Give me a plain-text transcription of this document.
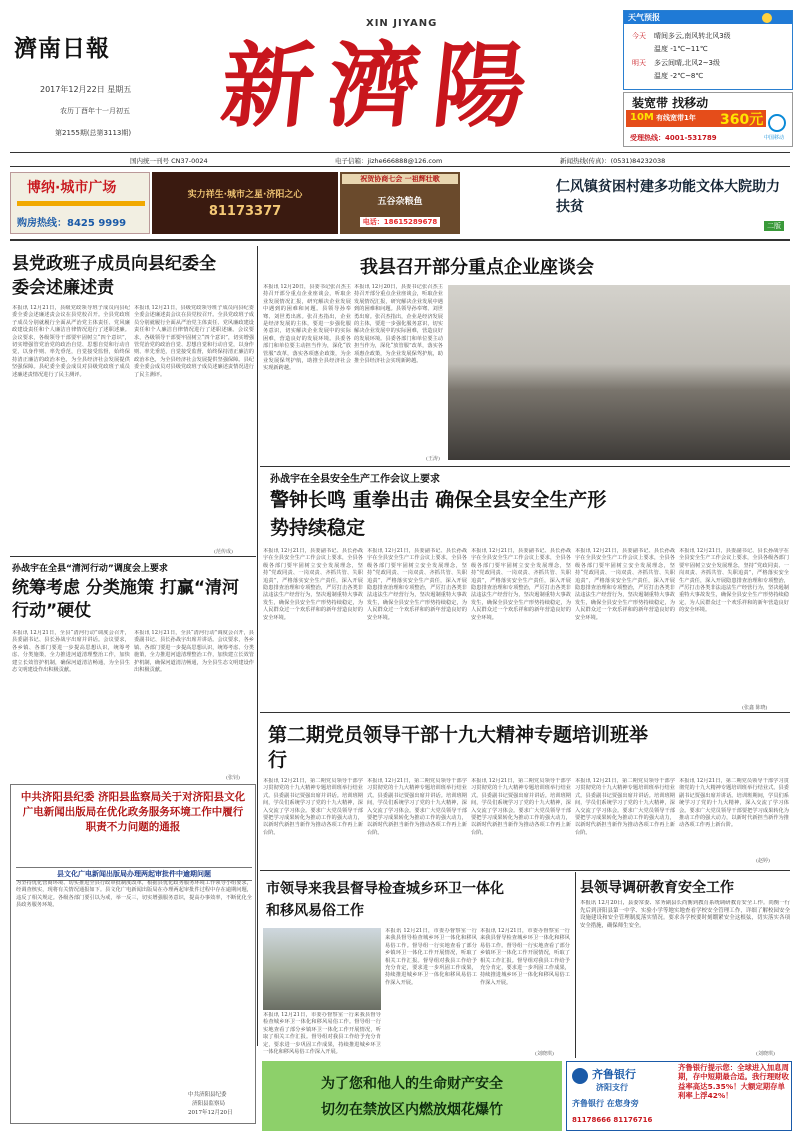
濟南日報
2017年12月22日 星期五
农历丁酉年十一月初五
第2155期(总第3113期)
XIN JIYANG
新濟陽
天气预报
今天 晴间多云,南风转北风3级
温度 -1℃~11℃
明天 多云间晴,北风2~3级
温度 -2℃~8℃
装宽带 找移动
10M 有线宽带1年 360元
受理热线：4001-531789	中国移动
国内统一刊号 CN37-0024	电子信箱：jizhe666888@126.com	新闻热线(传真)：(0531)84232038
博纳·城市广场
购房热线：8425 9999
实力祥生·城市之星·济阳之心
81173377
祝贺协商七会 一祖辉壮歌
五谷杂粮鱼
电话：18615289678
仁风镇贫困村建多功能文体大院助力扶贫
二版
县党政班子成员向县纪委全委会述廉述责
本报讯 12月21日，县级党政领导班子成员向县纪委全委会述廉述责会议在县党校召开。全县党政班子成员分别就履行全面从严治党主体责任、党风廉政建设责任和个人廉洁自律情况进行了述职述廉。会议要求，各级领导干部要牢固树立“四个意识”，切实增强管党治党的政治自觉、思想自觉和行动自觉，以身作则、率先垂范，自觉接受监督，始终保持清正廉洁的政治本色，为全县经济社会发展提供坚强保障。县纪委全委会成员对县级党政班子成员述廉述责情况进行了民主测评。
本报讯 12月21日，县级党政领导班子成员向县纪委全委会述廉述责会议在县党校召开。全县党政班子成员分别就履行全面从严治党主体责任、党风廉政建设责任和个人廉洁自律情况进行了述职述廉。会议要求，各级领导干部要牢固树立“四个意识”，切实增强管党治党的政治自觉、思想自觉和行动自觉，以身作则、率先垂范，自觉接受监督，始终保持清正廉洁的政治本色，为全县经济社会发展提供坚强保障。县纪委全委会成员对县级党政班子成员述廉述责情况进行了民主测评。
(范传成)
我县召开部分重点企业座谈会
本报讯 12月20日，县委书记张召杰主持召开部分重点企业座谈会，听取企业发展情况汇报，研究解决企业发展中遇到的困难和问题。县领导孙奉骞、刘世勇出席。张召杰指出，企业是经济发展的主体，要进一步强化服务意识，切实解决企业发展中的实际困难，营造良好的发展环境。县委各部门和单位要主动担当作为，深化“放管服”改革，落实各项惠企政策，为企业发展保驾护航，助推全县经济社会实现新跨越。
本报讯 12月20日，县委书记张召杰主持召开部分重点企业座谈会，听取企业发展情况汇报，研究解决企业发展中遇到的困难和问题。县领导孙奉骞、刘世勇出席。张召杰指出，企业是经济发展的主体，要进一步强化服务意识，切实解决企业发展中的实际困难，营造良好的发展环境。县委各部门和单位要主动担当作为，深化“放管服”改革，落实各项惠企政策，为企业发展保驾护航，助推全县经济社会实现新跨越。
(王涛)
孙战宇在全县安全生产工作会议上要求
警钟长鸣 重拳出击 确保全县安全生产形势持续稳定
本报讯 12月21日，县委副书记、县长孙战宇在全县安全生产工作会议上要求，全县各级各部门要牢固树立安全发展理念，坚持“党政同责、一岗双责、齐抓共管、失职追责”，严格落实安全生产责任，深入开展隐患排查治理和专项整治，严厉打击各类非法违法生产经营行为，坚决遏制重特大事故发生，确保全县安全生产形势持续稳定，为人民群众过一个欢乐祥和的新年营造良好的安全环境。
本报讯 12月21日，县委副书记、县长孙战宇在全县安全生产工作会议上要求，全县各级各部门要牢固树立安全发展理念，坚持“党政同责、一岗双责、齐抓共管、失职追责”，严格落实安全生产责任，深入开展隐患排查治理和专项整治，严厉打击各类非法违法生产经营行为，坚决遏制重特大事故发生，确保全县安全生产形势持续稳定，为人民群众过一个欢乐祥和的新年营造良好的安全环境。
本报讯 12月21日，县委副书记、县长孙战宇在全县安全生产工作会议上要求，全县各级各部门要牢固树立安全发展理念，坚持“党政同责、一岗双责、齐抓共管、失职追责”，严格落实安全生产责任，深入开展隐患排查治理和专项整治，严厉打击各类非法违法生产经营行为，坚决遏制重特大事故发生，确保全县安全生产形势持续稳定，为人民群众过一个欢乐祥和的新年营造良好的安全环境。
本报讯 12月21日，县委副书记、县长孙战宇在全县安全生产工作会议上要求，全县各级各部门要牢固树立安全发展理念，坚持“党政同责、一岗双责、齐抓共管、失职追责”，严格落实安全生产责任，深入开展隐患排查治理和专项整治，严厉打击各类非法违法生产经营行为，坚决遏制重特大事故发生，确保全县安全生产形势持续稳定，为人民群众过一个欢乐祥和的新年营造良好的安全环境。
本报讯 12月21日，县委副书记、县长孙战宇在全县安全生产工作会议上要求，全县各级各部门要牢固树立安全发展理念，坚持“党政同责、一岗双责、齐抓共管、失职追责”，严格落实安全生产责任，深入开展隐患排查治理和专项整治，严厉打击各类非法违法生产经营行为，坚决遏制重特大事故发生，确保全县安全生产形势持续稳定，为人民群众过一个欢乐祥和的新年营造良好的安全环境。
(张鑫 陈晓)
孙战宇在全县“清河行动”调度会上要求
统筹考虑 分类施策 打赢“清河行动”硬仗
本报讯 12月21日，全县“清河行动”调度会召开，县委副书记、县长孙战宇出席并讲话。会议要求，各乡镇、各部门要进一步提高思想认识，统筹考虑、分类施策，全力推进河道清理整治工作，加快建立长效管护机制，确保河道清洁畅通，为全县生态文明建设作出积极贡献。
本报讯 12月21日，全县“清河行动”调度会召开，县委副书记、县长孙战宇出席并讲话。会议要求，各乡镇、各部门要进一步提高思想认识，统筹考虑、分类施策，全力推进河道清理整治工作，加快建立长效管护机制，确保河道清洁畅通，为全县生态文明建设作出积极贡献。
(张钊)
第二期党员领导干部十九大精神专题培训班举行
本报讯 12月21日，第二期党员领导干部学习贯彻党的十九大精神专题培训班举行结业式。县委副书记贾强出席并讲话。培训班期间，学员们系统学习了党的十九大精神，深入交流了学习体会。要求广大党员领导干部要把学习成果转化为推动工作的强大动力，以新时代新担当新作为推动各项工作再上新台阶。
本报讯 12月21日，第二期党员领导干部学习贯彻党的十九大精神专题培训班举行结业式。县委副书记贾强出席并讲话。培训班期间，学员们系统学习了党的十九大精神，深入交流了学习体会。要求广大党员领导干部要把学习成果转化为推动工作的强大动力，以新时代新担当新作为推动各项工作再上新台阶。
本报讯 12月21日，第二期党员领导干部学习贯彻党的十九大精神专题培训班举行结业式。县委副书记贾强出席并讲话。培训班期间，学员们系统学习了党的十九大精神，深入交流了学习体会。要求广大党员领导干部要把学习成果转化为推动工作的强大动力，以新时代新担当新作为推动各项工作再上新台阶。
本报讯 12月21日，第二期党员领导干部学习贯彻党的十九大精神专题培训班举行结业式。县委副书记贾强出席并讲话。培训班期间，学员们系统学习了党的十九大精神，深入交流了学习体会。要求广大党员领导干部要把学习成果转化为推动工作的强大动力，以新时代新担当新作为推动各项工作再上新台阶。
本报讯 12月21日，第二期党员领导干部学习贯彻党的十九大精神专题培训班举行结业式。县委副书记贾强出席并讲话。培训班期间，学员们系统学习了党的十九大精神，深入交流了学习体会。要求广大党员领导干部要把学习成果转化为推动工作的强大动力，以新时代新担当新作为推动各项工作再上新台阶。
(赵婷)
中共济阳县纪委 济阳县监察局关于对济阳县文化广电新闻出版局在优化政务服务环境工作中履行职责不力问题的通报
县文化广电新闻出版局办理两起审批件中逾期问题
为坚持优化营商环境、切实推进全县行政审批制度改革，根据县优化政务服务环境工作领导小组要求，经调查核实，现将有关情况通报如下。县文化广电新闻出版局在办理两起审批件过程中存在逾期问题，违反了相关规定。各级各部门要引以为戒，举一反三，切实增强服务意识，提高办事效率，不断优化全县政务服务环境。
中共济阳县纪委
济阳县监察局
2017年12月20日
市领导来我县督导检查城乡环卫一体化和移风易俗工作
本报讯 12月21日，市委办督察室一行来我县督导检查城乡环卫一体化和移风易俗工作。督导组一行实地查看了部分乡镇环卫一体化工作开展情况，听取了相关工作汇报。督导组对我县工作给予充分肯定，要求进一步巩固工作成果，持续推进城乡环卫一体化和移风易俗工作深入开展。
本报讯 12月21日，市委办督察室一行来我县督导检查城乡环卫一体化和移风易俗工作。督导组一行实地查看了部分乡镇环卫一体化工作开展情况，听取了相关工作汇报。督导组对我县工作给予充分肯定，要求进一步巩固工作成果，持续推进城乡环卫一体化和移风易俗工作深入开展。
本报讯 12月21日，市委办督察室一行来我县督导检查城乡环卫一体化和移风易俗工作。督导组一行实地查看了部分乡镇环卫一体化工作开展情况，听取了相关工作汇报。督导组对我县工作给予充分肯定，要求进一步巩固工作成果，持续推进城乡环卫一体化和移风易俗工作深入开展。
(刘晓琪)
县领导调研教育安全工作
本报讯 12月20日，县委常委、常务副县长尚衡到教育系统调研教育安全工作。尚衡一行先后到济阳县第一中学、实验小学等地实地查看学校安全管理工作，详细了解校园安全设施建设和安全管理制度落实情况。要求各学校要时刻绷紧安全这根弦，切实落实各项安全措施，确保师生安全。
(刘晓琪)
为了您和他人的生命财产安全
切勿在禁放区内燃放烟花爆竹
齐鲁银行
济阳支行
齐鲁银行 在您身旁
81178666 81176716
齐鲁银行提示您：全球进入加息周期，存中短期最合适。我行理财收益率高达5.35%！大额定期存单利率上浮42%！
